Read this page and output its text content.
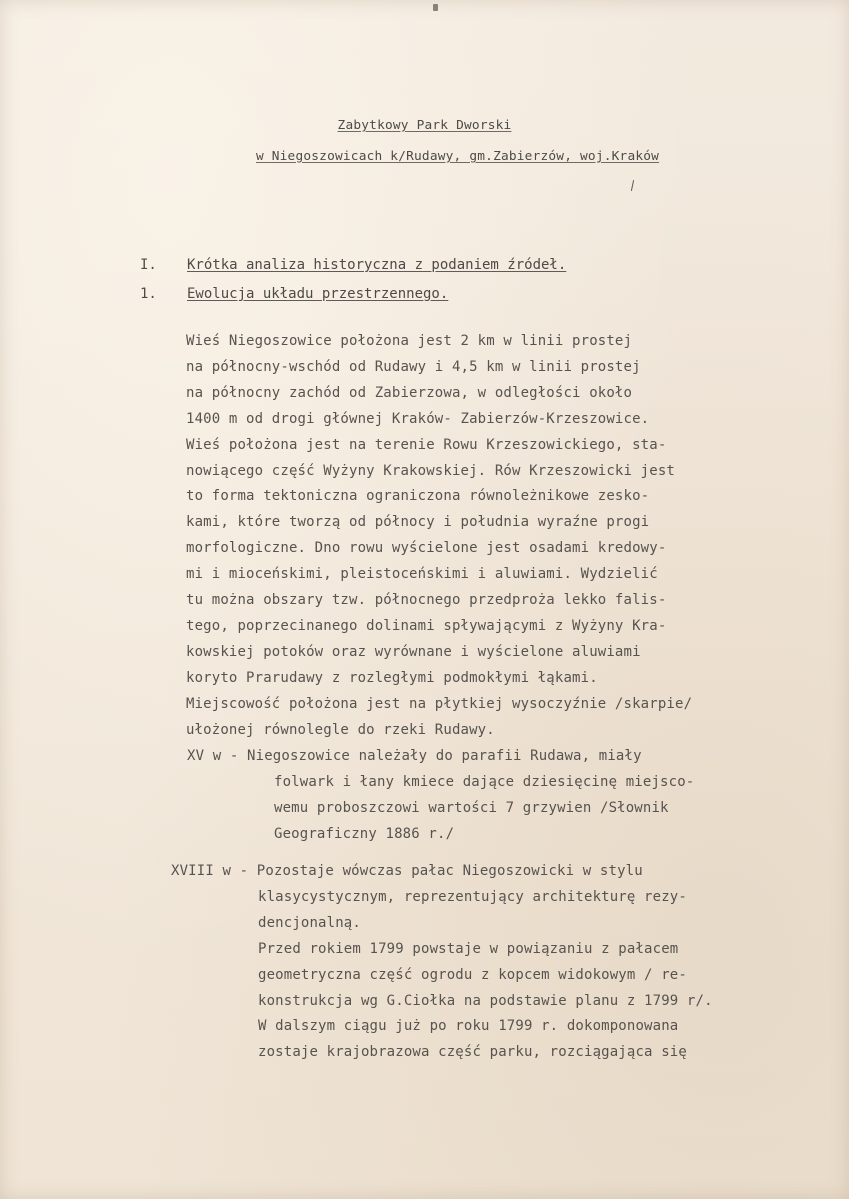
Zabytkowy Park Dworski
w Niegoszowicach k/Rudawy, gm.Zabierzów, woj.Kraków
I. Krótka analiza historyczna z podaniem źródeł.
1. Ewolucja układu przestrzennego.
Wieś Niegoszowice położona jest 2 km w linii prostej
na północny-wschód od Rudawy i 4,5 km w linii prostej
na północny zachód od Zabierzowa, w odległości około
1400 m od drogi głównej Kraków- Zabierzów-Krzeszowice.
Wieś położona jest na terenie Rowu Krzeszowickiego, sta-
nowiącego część Wyżyny Krakowskiej. Rów Krzeszowicki jest
to forma tektoniczna ograniczona równoleżnikowe zesko-
kami, które tworzą od północy i południa wyraźne progi
morfologiczne. Dno rowu wyścielone jest osadami kredowy-
mi i mioceńskimi, pleistoceńskimi i aluwiami. Wydzielić
tu można obszary tzw. północnego przedproża lekko falis-
tego, poprzecinanego dolinami spływającymi z Wyżyny Kra-
kowskiej potoków oraz wyrównane i wyścielone aluwiami
koryto Prarudawy z rozległymi podmokłymi łąkami.
Miejscowość położona jest na płytkiej wysoczyźnie /skarpie/
ułożonej równolegle do rzeki Rudawy.
XV w - Niegoszowice należały do parafii Rudawa, miały
folwark i łany kmiece dające dziesięcinę miejsco-
wemu proboszczowi wartości 7 grzywien /Słownik
Geograficzny 1886 r./
XVIII w - Pozostaje wówczas pałac Niegoszowicki w stylu
klasycystycznym, reprezentujący architekturę rezy-
dencjonalną.
Przed rokiem 1799 powstaje w powiązaniu z pałacem
geometryczna część ogrodu z kopcem widokowym / re-
konstrukcja wg G.Ciołka na podstawie planu z 1799 r/.
W dalszym ciągu już po roku 1799 r. dokomponowana
zostaje krajobrazowa część parku, rozciągająca się
